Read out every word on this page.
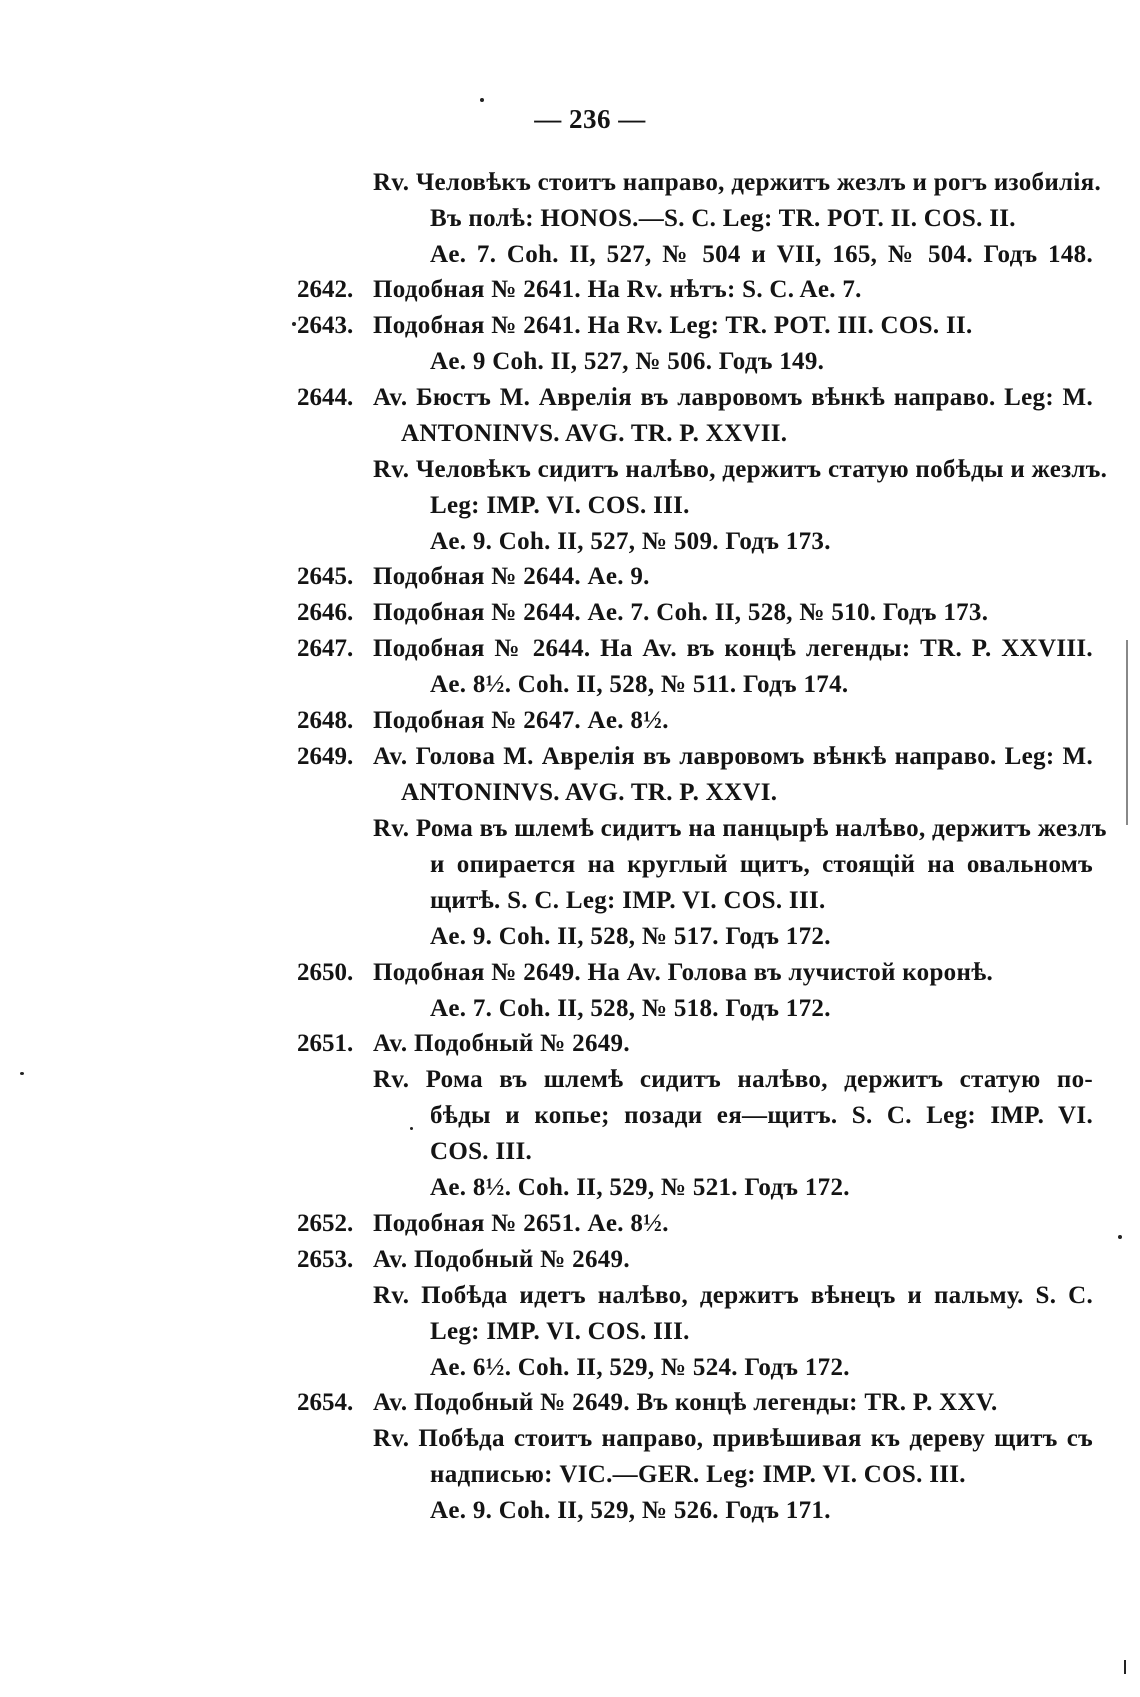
— 236 —
Rv. Человѣкъ стоитъ направо, держитъ жезлъ и рогъ изобилія.
Въ полѣ: HONOS.—S. C. Leg: TR. POT. II. COS. II.
Ae. 7. Coh. II, 527, № 504 и VII, 165, № 504. Годъ 148.
2642. Подобная № 2641. На Rv. нѣтъ: S. C. Ae. 7.
2643. Подобная № 2641. На Rv. Leg: TR. POT. III. COS. II.
Ae. 9 Coh. II, 527, № 506. Годъ 149.
2644. Av. Бюстъ М. Аврелія въ лавровомъ вѣнкѣ направо. Leg: M.
ANTONINVS. AVG. TR. P. XXVII.
Rv. Человѣкъ сидитъ налѣво, держитъ статую побѣды и жезлъ.
Leg: IMP. VI. COS. III.
Ae. 9. Coh. II, 527, № 509. Годъ 173.
2645. Подобная № 2644. Ae. 9.
2646. Подобная № 2644. Ae. 7. Coh. II, 528, № 510. Годъ 173.
2647. Подобная № 2644. На Av. въ концѣ легенды: TR. P. XXVIII.
Ae. 8½. Coh. II, 528, № 511. Годъ 174.
2648. Подобная № 2647. Ae. 8½.
2649. Av. Голова М. Аврелія въ лавровомъ вѣнкѣ направо. Leg: M.
ANTONINVS. AVG. TR. P. XXVI.
Rv. Рома въ шлемѣ сидитъ на панцырѣ налѣво, держитъ жезлъ
и опирается на круглый щитъ, стоящій на овальномъ
щитѣ. S. C. Leg: IMP. VI. COS. III.
Ae. 9. Coh. II, 528, № 517. Годъ 172.
2650. Подобная № 2649. На Av. Голова въ лучистой коронѣ.
Ae. 7. Coh. II, 528, № 518. Годъ 172.
2651. Av. Подобный № 2649.
Rv. Рома въ шлемѣ сидитъ налѣво, держитъ статую по-
бѣды и копье; позади ея—щитъ. S. C. Leg: IMP. VI.
COS. III.
Ae. 8½. Coh. II, 529, № 521. Годъ 172.
2652. Подобная № 2651. Ae. 8½.
2653. Av. Подобный № 2649.
Rv. Побѣда идетъ налѣво, держитъ вѣнецъ и пальму. S. C.
Leg: IMP. VI. COS. III.
Ae. 6½. Coh. II, 529, № 524. Годъ 172.
2654. Av. Подобный № 2649. Въ концѣ легенды: TR. P. XXV.
Rv. Побѣда стоитъ направо, привѣшивая къ дереву щитъ съ
надписью: VIC.—GER. Leg: IMP. VI. COS. III.
Ae. 9. Coh. II, 529, № 526. Годъ 171.
